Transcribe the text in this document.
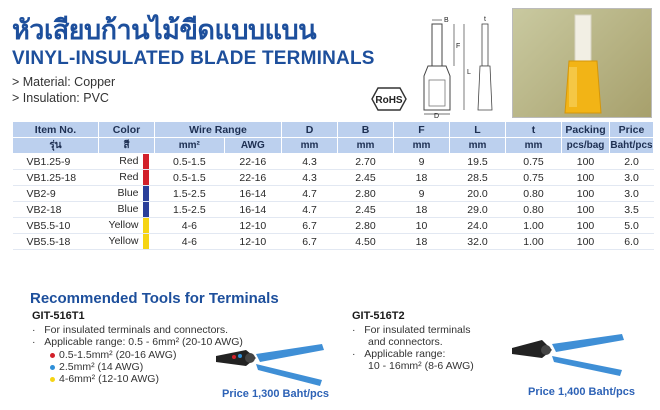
หัวเสียบก้านไม้ขีดแบบแบน
VINYL-INSULATED BLADE TERMINALS
> Material: Copper
> Insulation: PVC	RoHS
B
F
L
D
t
Item No.	Color	Wire Range		D	B	F	L	t	Packing	Price
รุ่น	สี	mm²	AWG	mm	mm	mm	mm	mm	pcs/bag	Baht/pcs
VB1.25-9	Red	0.5-1.5	22-16	4.3	2.70	9	19.5	0.75	100	2.0
VB1.25-18	Red	0.5-1.5	22-16	4.3	2.45	18	28.5	0.75	100	3.0
VB2-9	Blue	1.5-2.5	16-14	4.7	2.80	9	20.0	0.80	100	3.0
VB2-18	Blue	1.5-2.5	16-14	4.7	2.45	18	29.0	0.80	100	3.5
VB5.5-10	Yellow	4-6	12-10	6.7	2.80	10	24.0	1.00	100	5.0
VB5.5-18	Yellow	4-6	12-10	6.7	4.50	18	32.0	1.00	100	6.0
Recommended Tools for Terminals
GIT-516T1
·   For insulated terminals and connectors.
·   Applicable range: 0.5 - 6mm² (20-10 AWG)
0.5-1.5mm² (20-16 AWG)
2.5mm² (14 AWG)
4-6mm² (12-10 AWG)
Price 1,300 Baht/pcs
GIT-516T2
·   For insulated terminals
and connectors.
·   Applicable range:
10 - 16mm² (8-6 AWG)
Price 1,400 Baht/pcs
